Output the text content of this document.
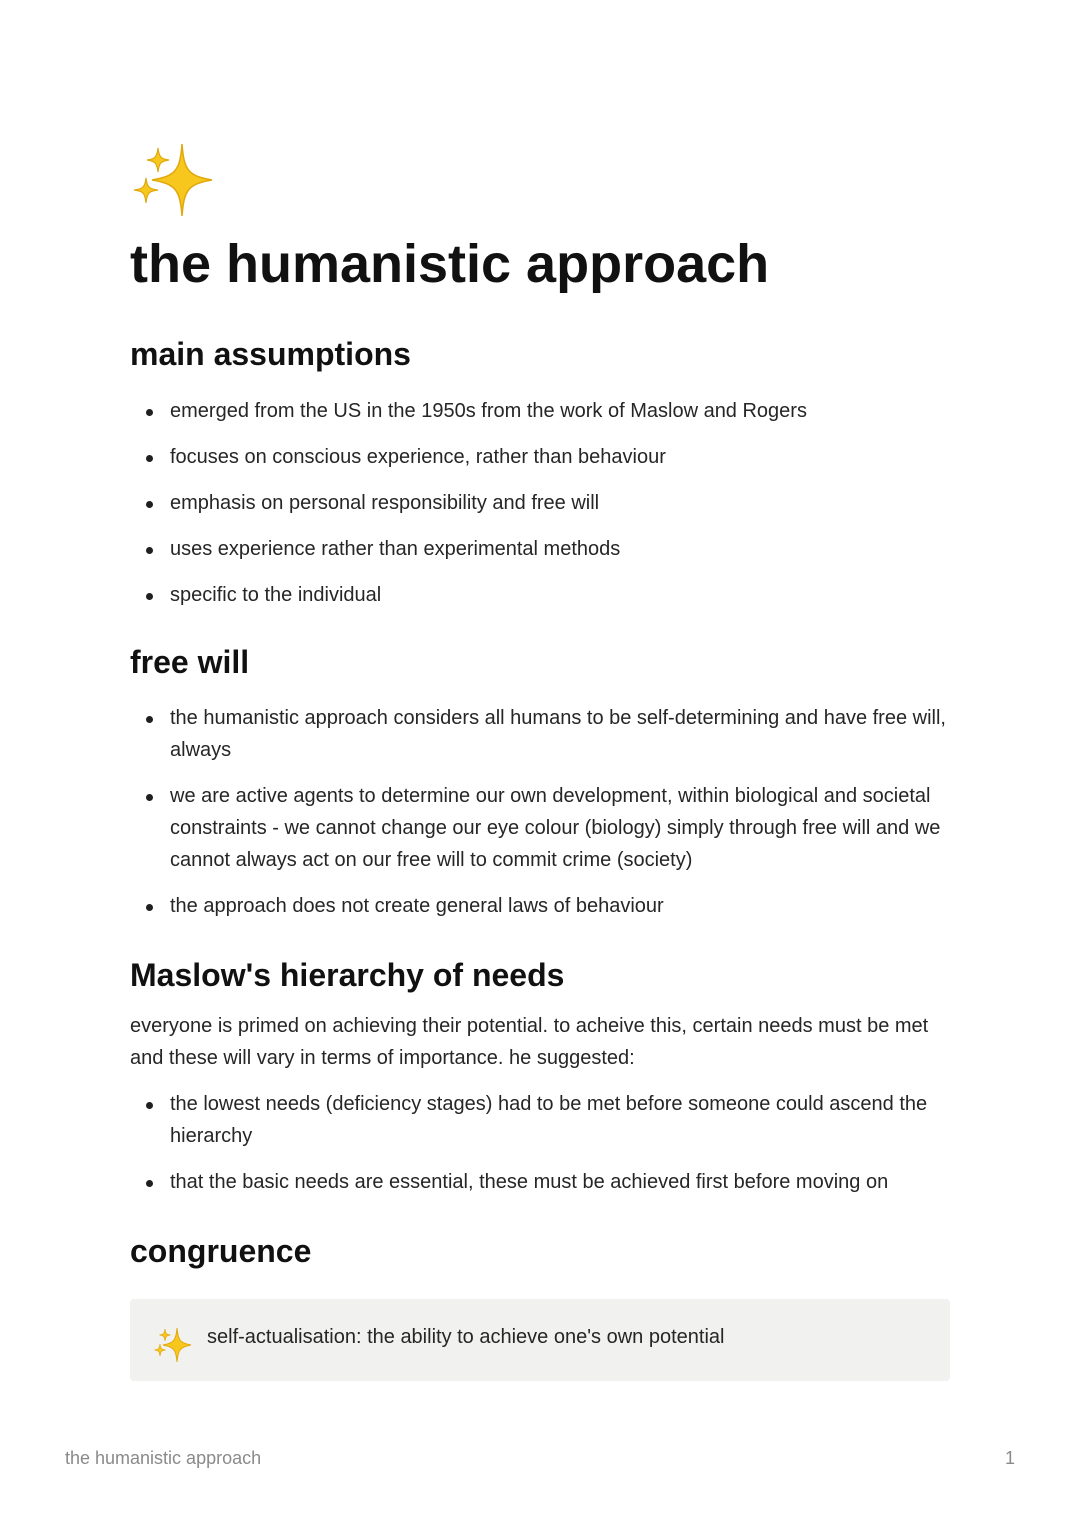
the humanistic approach
main assumptions
emerged from the US in the 1950s from the work of Maslow and Rogers
focuses on conscious experience, rather than behaviour
emphasis on personal responsibility and free will
uses experience rather than experimental methods
specific to the individual
free will
the humanistic approach considers all humans to be self-determining and have free will, always
we are active agents to determine our own development, within biological and societal constraints - we cannot change our eye colour (biology) simply through free will and we cannot always act on our free will to commit crime (society)
the approach does not create general laws of behaviour
Maslow's hierarchy of needs

everyone is primed on achieving their potential. to acheive this, certain needs must be met and these will vary in terms of importance. he suggested:

the lowest needs (deficiency stages) had to be met before someone could ascend the hierarchy
that the basic needs are essential, these must be achieved first before moving on
congruence
self-actualisation: the ability to achieve one's own potential
the humanistic approach	1
